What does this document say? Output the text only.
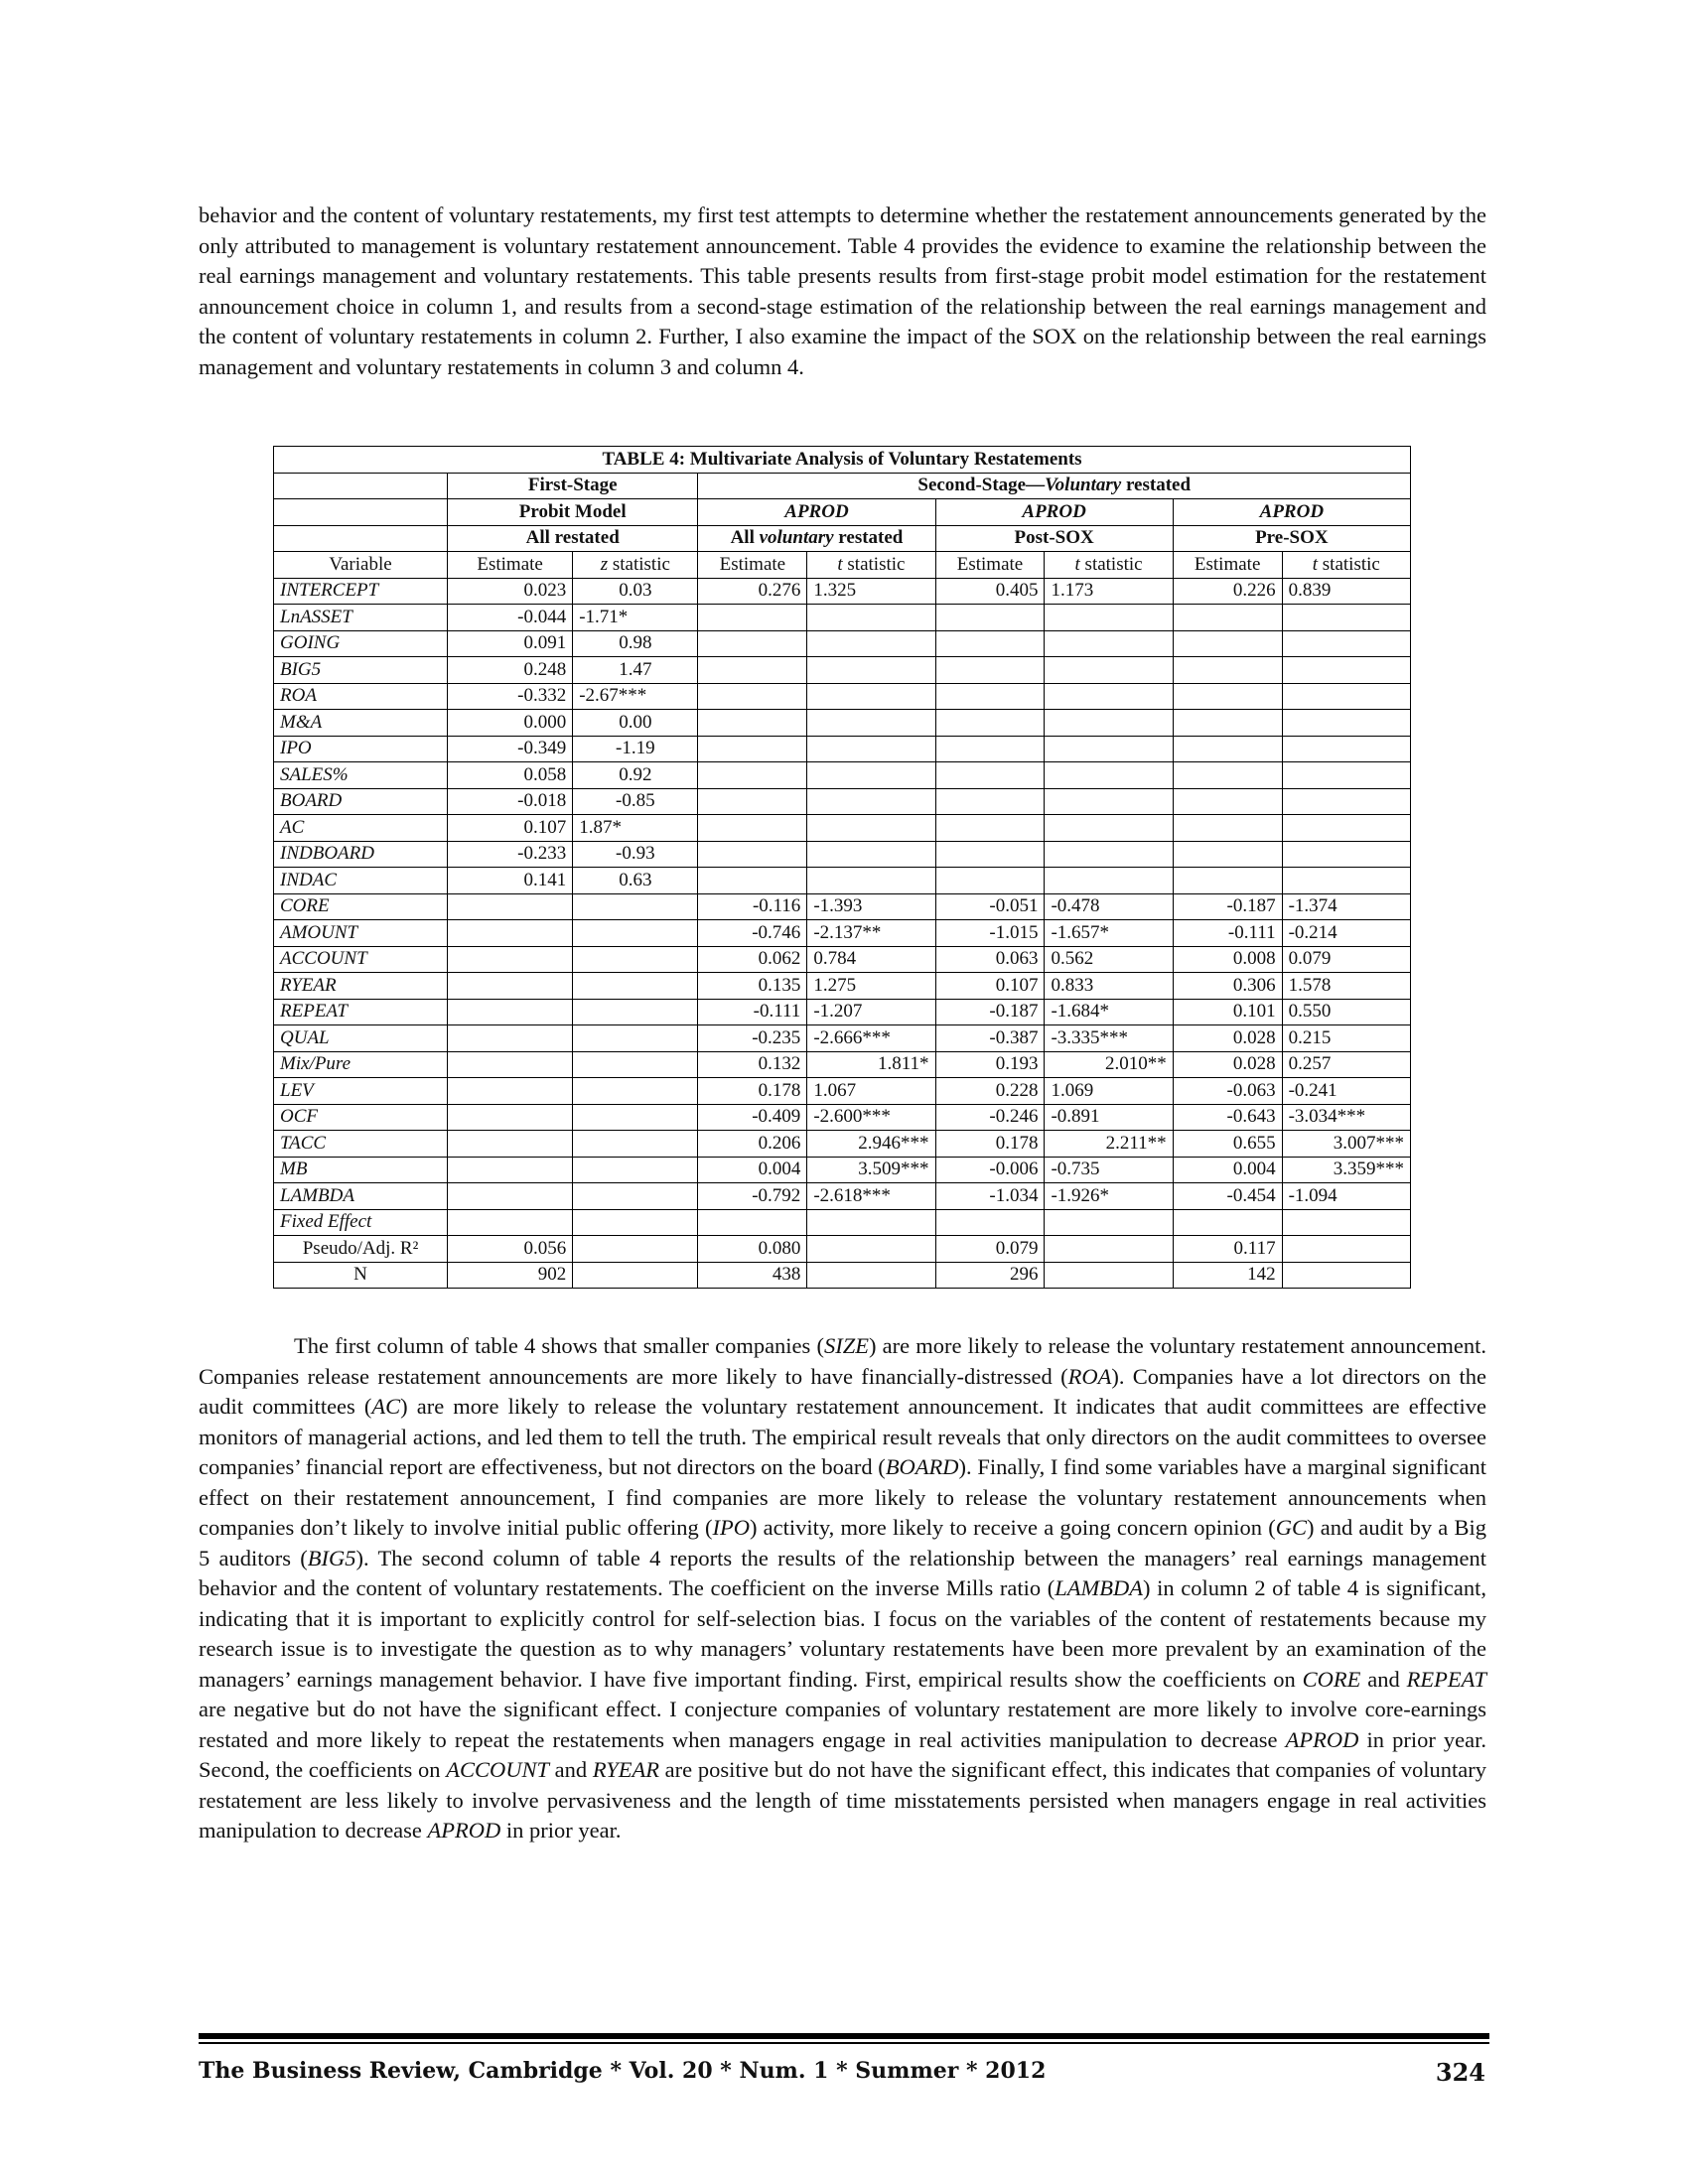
behavior and the content of voluntary restatements, my first test attempts to determine whether the restatement announcements generated by the only attributed to management is voluntary restatement announcement. Table 4 provides the evidence to examine the relationship between the real earnings management and voluntary restatements. This table presents results from first-stage probit model estimation for the restatement announcement choice in column 1, and results from a second-stage estimation of the relationship between the real earnings management and the content of voluntary restatements in column 2. Further, I also examine the impact of the SOX on the relationship between the real earnings management and voluntary restatements in column 3 and column 4.

TABLE 4: Multivariate Analysis of Voluntary Restatements								
	First-Stage		Second-Stage—Voluntary restated					
	Probit Model		APROD		APROD		APROD	
	All restated		All voluntary restated		Post-SOX		Pre-SOX	
Variable	Estimate	z statistic	Estimate	t statistic	Estimate	t statistic	Estimate	t statistic
INTERCEPT	0.023	0.03	0.276	1.325	0.405	1.173	0.226	0.839
LnASSET	-0.044	-1.71*						
GOING	0.091	0.98						
BIG5	0.248	1.47						
ROA	-0.332	-2.67***						
M&A	0.000	0.00						
IPO	-0.349	-1.19						
SALES%	0.058	0.92						
BOARD	-0.018	-0.85						
AC	0.107	1.87*						
INDBOARD	-0.233	-0.93						
INDAC	0.141	0.63						
CORE			-0.116	-1.393	-0.051	-0.478	-0.187	-1.374
AMOUNT			-0.746	-2.137**	-1.015	-1.657*	-0.111	-0.214
ACCOUNT			0.062	0.784	0.063	0.562	0.008	0.079
RYEAR			0.135	1.275	0.107	0.833	0.306	1.578
REPEAT			-0.111	-1.207	-0.187	-1.684*	0.101	0.550
QUAL			-0.235	-2.666***	-0.387	-3.335***	0.028	0.215
Mix/Pure			0.132	1.811*	0.193	2.010**	0.028	0.257
LEV			0.178	1.067	0.228	1.069	-0.063	-0.241
OCF			-0.409	-2.600***	-0.246	-0.891	-0.643	-3.034***
TACC			0.206	2.946***	0.178	2.211**	0.655	3.007***
MB			0.004	3.509***	-0.006	-0.735	0.004	3.359***
LAMBDA			-0.792	-2.618***	-1.034	-1.926*	-0.454	-1.094
Fixed Effect								
Pseudo/Adj. R²	0.056		0.080		0.079		0.117	
N	902		438		296		142	

The first column of table 4 shows that smaller companies (SIZE) are more likely to release the voluntary restatement announcement. Companies release restatement announcements are more likely to have financially-distressed (ROA). Companies have a lot directors on the audit committees (AC) are more likely to release the voluntary restatement announcement. It indicates that audit committees are effective monitors of managerial actions, and led them to tell the truth. The empirical result reveals that only directors on the audit committees to oversee companies’ financial report are effectiveness, but not directors on the board (BOARD). Finally, I find some variables have a marginal significant effect on their restatement announcement, I find companies are more likely to release the voluntary restatement announcements when companies don’t likely to involve initial public offering (IPO) activity, more likely to receive a going concern opinion (GC) and audit by a Big 5 auditors (BIG5). The second column of table 4 reports the results of the relationship between the managers’ real earnings management behavior and the content of voluntary restatements. The coefficient on the inverse Mills ratio (LAMBDA) in column 2 of table 4 is significant, indicating that it is important to explicitly control for self-selection bias. I focus on the variables of the content of restatements because my research issue is to investigate the question as to why managers’ voluntary restatements have been more prevalent by an examination of the managers’ earnings management behavior. I have five important finding. First, empirical results show the coefficients on CORE and REPEAT are negative but do not have the significant effect. I conjecture companies of voluntary restatement are more likely to involve core-earnings restated and more likely to repeat the restatements when managers engage in real activities manipulation to decrease APROD in prior year. Second, the coefficients on ACCOUNT and RYEAR are positive but do not have the significant effect, this indicates that companies of voluntary restatement are less likely to involve pervasiveness and the length of time misstatements persisted when managers engage in real activities manipulation to decrease APROD in prior year.

The Business Review, Cambridge * Vol. 20 * Num. 1 * Summer * 2012	324
